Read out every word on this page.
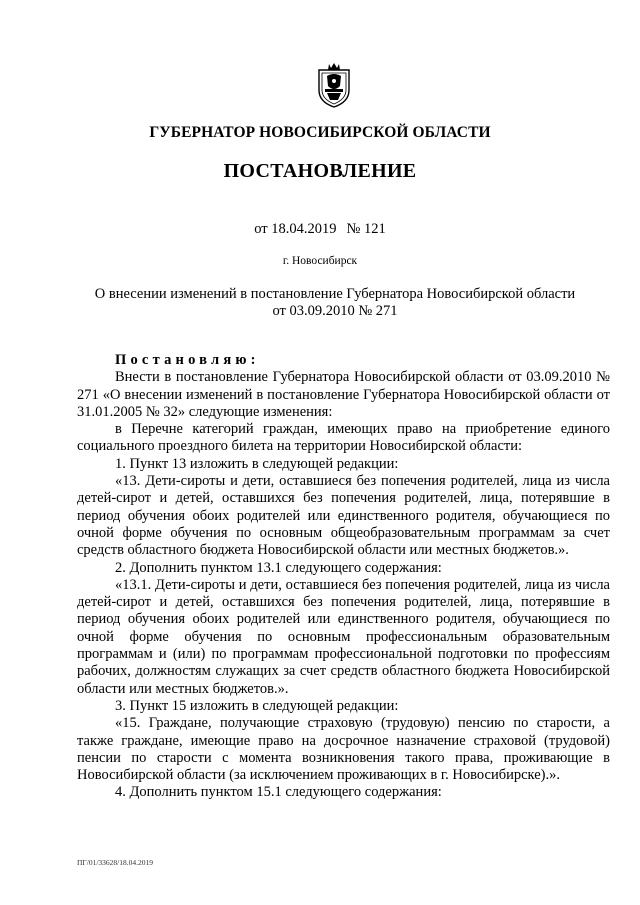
ГУБЕРНАТОР НОВОСИБИРСКОЙ ОБЛАСТИ
ПОСТАНОВЛЕНИЕ
от 18.04.2019 № 121
г. Новосибирск
О внесении изменений в постановление Губернатора Новосибирской области
от 03.09.2010 № 271

Постановляю:

Внести в постановление Губернатора Новосибирской области от 03.09.2010 № 271 «О внесении изменений в постановление Губернатора Новосибирской области от 31.01.2005 № 32» следующие изменения:

в Перечне категорий граждан, имеющих право на приобретение единого социального проездного билета на территории Новосибирской области:

1. Пункт 13 изложить в следующей редакции:

«13. Дети-сироты и дети, оставшиеся без попечения родителей, лица из числа детей-сирот и детей, оставшихся без попечения родителей, лица, потерявшие в период обучения обоих родителей или единственного родителя, обучающиеся по очной форме обучения по основным общеобразовательным программам за счет средств областного бюджета Новосибирской области или местных бюджетов.».

2. Дополнить пунктом 13.1 следующего содержания:

«13.1. Дети-сироты и дети, оставшиеся без попечения родителей, лица из числа детей-сирот и детей, оставшихся без попечения родителей, лица, потерявшие в период обучения обоих родителей или единственного родителя, обучающиеся по очной форме обучения по основным профессиональным образовательным программам и (или) по программам профессиональной подготовки по профессиям рабочих, должностям служащих за счет средств областного бюджета Новосибирской области или местных бюджетов.».

3. Пункт 15 изложить в следующей редакции:

«15. Граждане, получающие страховую (трудовую) пенсию по старости, а также граждане, имеющие право на досрочное назначение страховой (трудовой) пенсии по старости с момента возникновения такого права, проживающие в Новосибирской области (за исключением проживающих в г. Новосибирске).».

4. Дополнить пунктом 15.1 следующего содержания:

ПГ/01/33628/18.04.2019
